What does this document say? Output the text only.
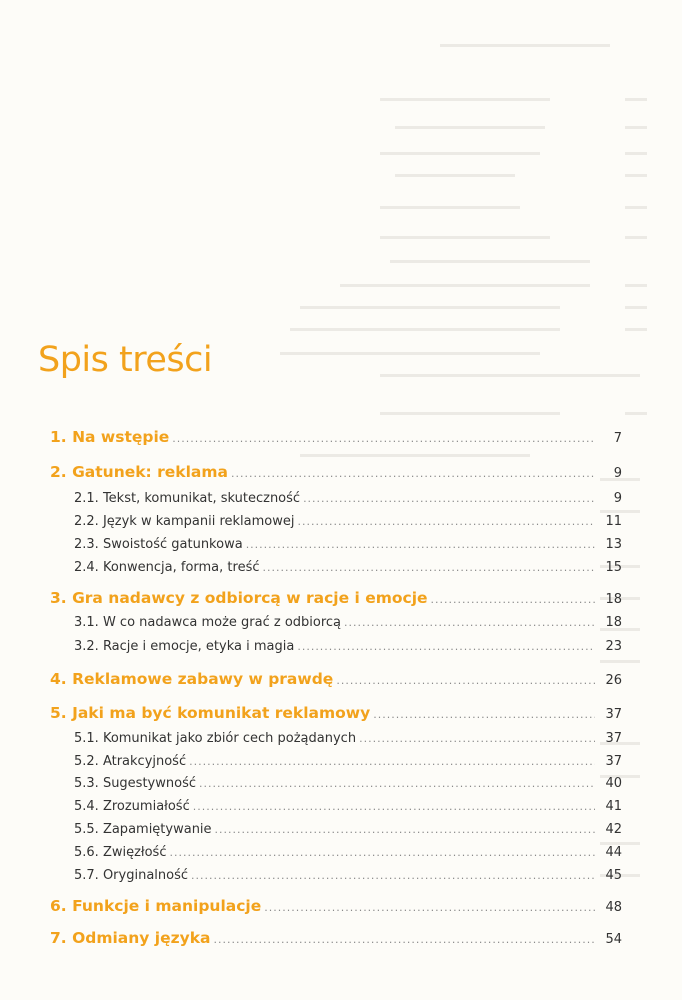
Spis treści
1. Na wstępie .....	7
2. Gatunek: reklama .....	9
2.1. Tekst, komunikat, skuteczność .....	9
2.2. Język w kampanii reklamowej .....	11
2.3. Swoistość gatunkowa .....	13
2.4. Konwencja, forma, treść .....	15
3. Gra nadawcy z odbiorcą w racje i emocje .....	18
3.1. W co nadawca może grać z odbiorcą .....	18
3.2. Racje i emocje, etyka i magia .....	23
4. Reklamowe zabawy w prawdę .....	26
5. Jaki ma być komunikat reklamowy .....	37
5.1. Komunikat jako zbiór cech pożądanych .....	37
5.2. Atrakcyjność .....	37
5.3. Sugestywność .....	40
5.4. Zrozumiałość .....	41
5.5. Zapamiętywanie .....	42
5.6. Zwięzłość .....	44
5.7. Oryginalność .....	45
6. Funkcje i manipulacje .....	48
7. Odmiany języka .....	54
